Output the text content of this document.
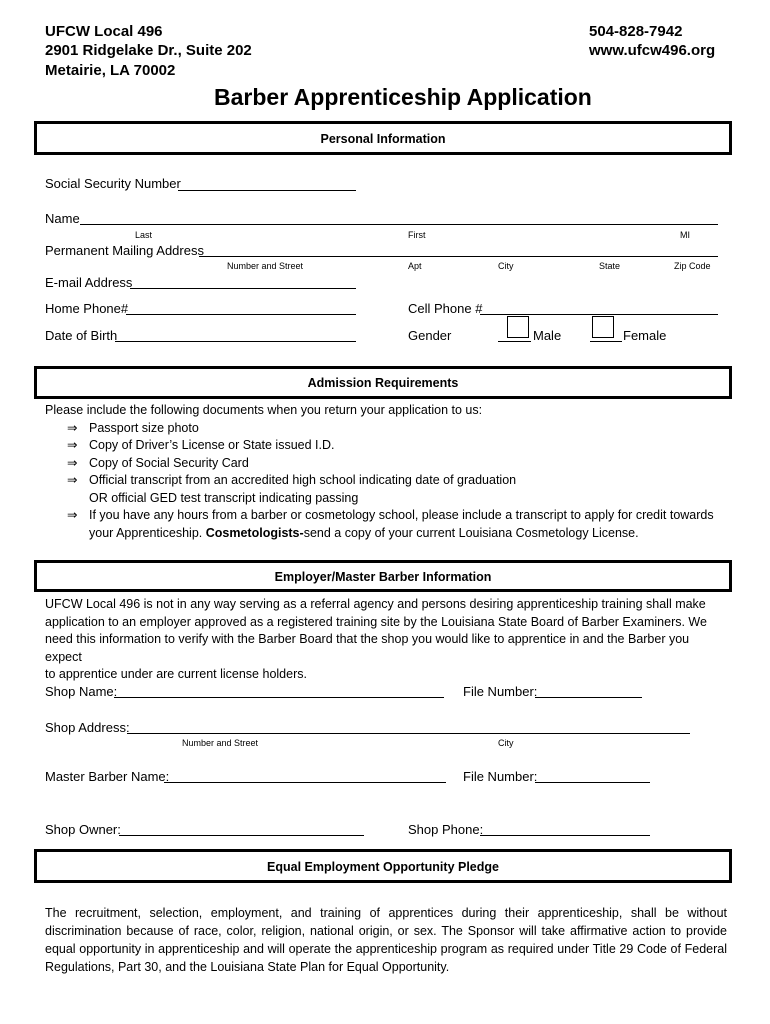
UFCW Local 496
2901 Ridgelake Dr., Suite 202
Metairie, LA 70002
504-828-7942
www.ufcw496.org
Barber Apprenticeship Application
Personal Information
Social Security Number
Name
Last	First	MI
Permanent Mailing Address
Number and Street	Apt	City	State	Zip Code
E-mail Address
Home Phone#	Cell Phone #
Date of Birth	Gender	Male	Female
Admission Requirements
Please include the following documents when you return your application to us:
⇒ Passport size photo
⇒ Copy of Driver’s License or State issued I.D.
⇒ Copy of Social Security Card
⇒ Official transcript from an accredited high school indicating date of graduation
OR official GED test transcript indicating passing
⇒ If you have any hours from a barber or cosmetology school, please include a transcript to apply for credit towards
your Apprenticeship. Cosmetologists-send a copy of your current Louisiana Cosmetology License.
Employer/Master Barber Information
UFCW Local 496 is not in any way serving as a referral agency and persons desiring apprenticeship training shall make
application to an employer approved as a registered training site by the Louisiana State Board of Barber Examiners. We
need this information to verify with the Barber Board that the shop you would like to apprentice in and the Barber you expect
to apprentice under are current license holders.
Shop Name:	File Number:
Shop Address:
Number and Street	City
Master Barber Name:	File Number:
Shop Owner:	Shop Phone:
Equal Employment Opportunity Pledge
The recruitment, selection, employment, and training of apprentices during their apprenticeship, shall be without discrimination because of race, color, religion, national origin, or sex. The Sponsor will take affirmative action to provide equal opportunity in apprenticeship and will operate the apprenticeship program as required under Title 29 Code of Federal Regulations, Part 30, and the Louisiana State Plan for Equal Opportunity.
